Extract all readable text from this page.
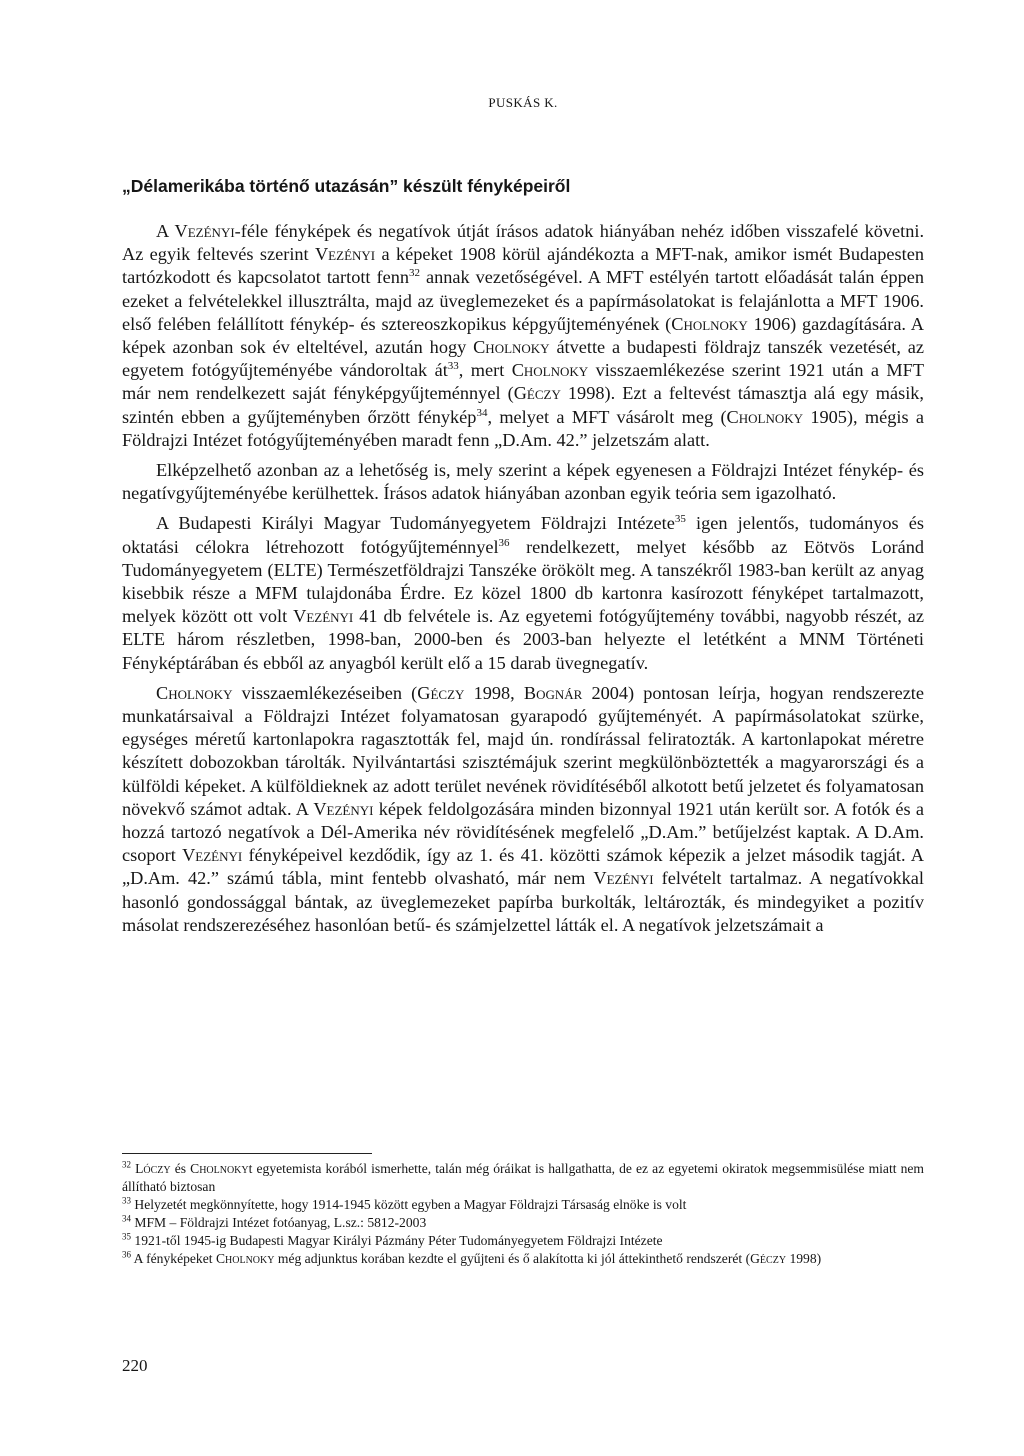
PUSKÁS K.
„Délamerikába történő utazásán” készült fényképeiről

A Vezényi-féle fényképek és negatívok útját írásos adatok hiányában nehéz időben visszafelé követni. Az egyik feltevés szerint Vezényi a képeket 1908 körül ajándékozta a MFT-nak, amikor ismét Budapesten tartózkodott és kapcsolatot tartott fenn$^{32}$ annak vezetőségével. A MFT estélyén tartott előadását talán éppen ezeket a felvételekkel illusztrálta, majd az üveglemezeket és a papírmásolatokat is felajánlotta a MFT 1906. első felében felállított fénykép- és sztereoszkopikus képgyűjteményének (Cholnoky 1906) gazdagítására. A képek azonban sok év elteltével, azután hogy Cholnoky átvette a budapesti földrajz tanszék vezetését, az egyetem fotógyűjteményébe vándoroltak $át^{33}$, mert Cholnoky visszaemlékezése szerint 1921 után a MFT már nem rendelkezett saját fényképgyűjteménnyel (Géczy 1998). Ezt a feltevést támasztja alá egy másik, szintén ebben a gyűjteményben őrzött fénykép$^{34}$, melyet a MFT vásárolt meg (Cholnoky 1905), mégis a Földrajzi Intézet fotógyűjteményében maradt fenn „D.Am. 42.” jelzetszám alatt.

Elképzelhető azonban az a lehetőség is, mely szerint a képek egyenesen a Földrajzi Intézet fénykép- és negatívgyűjteményébe kerülhettek. Írásos adatok hiányában azonban egyik teória sem igazolható.

A Budapesti Királyi Magyar Tudományegyetem Földrajzi Intézete$^{35}$ igen jelentős, tudományos és oktatási célokra létrehozott fotógyűjteménnyel$^{36}$ rendelkezett, melyet később az Eötvös Loránd Tudományegyetem (ELTE) Természetföldrajzi Tanszéke örökölt meg. A tanszékről 1983-ban került az anyag kisebbik része a MFM tulajdonába Érdre. Ez közel 1800 db kartonra kasírozott fényképet tartalmazott, melyek között ott volt Vezényi 41 db felvétele is. Az egyetemi fotógyűjtemény további, nagyobb részét, az ELTE három részletben, 1998-ban, 2000-ben és 2003-ban helyezte el letétként a MNM Történeti Fényképtárában és ebből az anyagból került elő a 15 darab üvegnegatív.

Cholnoky visszaemlékezéseiben (Géczy 1998, Bognár 2004) pontosan leírja, hogyan rendszerezte munkatársaival a Földrajzi Intézet folyamatosan gyarapodó gyűjteményét. A papírmásolatokat szürke, egységes méretű kartonlapokra ragasztották fel, majd ún. rondírással feliratozták. A kartonlapokat méretre készített dobozokban tárolták. Nyilvántartási szisztémájuk szerint megkülönböztették a magyarországi és a külföldi képeket. A külföldieknek az adott terület nevének rövidítéséből alkotott betű jelzetet és folyamatosan növekvő számot adtak. A Vezényi képek feldolgozására minden bizonnyal 1921 után került sor. A fotók és a hozzá tartozó negatívok a Dél-Amerika név rövidítésének megfelelő „D.Am.” betűjelzést kaptak. A D.Am. csoport Vezényi fényképeivel kezdődik, így az 1. és 41. közötti számok képezik a jelzet második tagját. A „D.Am. 42.” számú tábla, mint fentebb olvasható, már nem Vezényi felvételt tartalmaz. A negatívokkal hasonló gondossággal bántak, az üveglemezeket papírba burkolták, leltározták, és mindegyiket a pozitív másolat rendszerezéséhez hasonlóan betű- és számjelzettel látták el. A negatívok jelzetszámait a

$^{32}$ Lóczy és Cholnokyt egyetemista korából ismerhette, talán még óráikat is hallgathatta, de ez az egyetemi okiratok megsemmisülése miatt nem állítható biztosan

$^{33}$ Helyzetét megkönnyítette, hogy 1914-1945 között egyben a Magyar Földrajzi Társaság elnöke is volt

$^{34}$ MFM – Földrajzi Intézet fotóanyag, L.sz.: 5812-2003

$^{35}$ 1921-től 1945-ig Budapesti Magyar Királyi Pázmány Péter Tudományegyetem Földrajzi Intézete

$^{36}$ A fényképeket Cholnoky még adjunktus korában kezdte el gyűjteni és ő alakította ki jól áttekinthető rendszerét (Géczy 1998)

220
